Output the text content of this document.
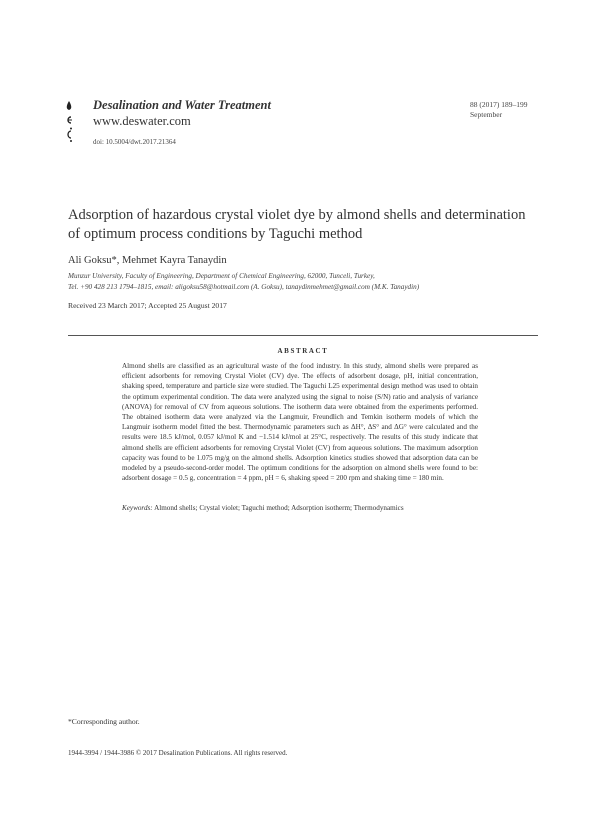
Desalination and Water Treatment
www.deswater.com
doi: 10.5004/dwt.2017.21364
88 (2017) 189–199
September
Adsorption of hazardous crystal violet dye by almond shells and determination of optimum process conditions by Taguchi method
Ali Goksu*, Mehmet Kayra Tanaydin
Munzur University, Faculty of Engineering, Department of Chemical Engineering, 62000, Tunceli, Turkey,
Tel. +90 428 213 1794–1815, email: aligoksu58@hotmail.com (A. Goksu), tanaydinmehmet@gmail.com (M.K. Tanaydin)
Received 23 March 2017; Accepted 25 August 2017
ABSTRACT
Almond shells are classified as an agricultural waste of the food industry. In this study, almond shells were prepared as efficient adsorbents for removing Crystal Violet (CV) dye. The effects of adsorbent dosage, pH, initial concentration, shaking speed, temperature and particle size were studied. The Taguchi L25 experimental design method was used to obtain the optimum experimental condition. The data were analyzed using the signal to noise (S/N) ratio and analysis of variance (ANOVA) for removal of CV from aqueous solutions. The isotherm data were obtained from the experiments performed. The obtained isotherm data were analyzed via the Langmuir, Freundlich and Temkin isotherm models of which the Langmuir isotherm model fitted the best. Thermodynamic parameters such as ΔH°, ΔS° and ΔG° were calculated and the results were 18.5 kJ/mol, 0.057 kJ/mol K and −1.514 kJ/mol at 25°C, respectively. The results of this study indicate that almond shells are efficient adsorbents for removing Crystal Violet (CV) from aqueous solutions. The maximum adsorption capacity was found to be 1.075 mg/g on the almond shells. Adsorption kinetics studies showed that adsorption data can be modeled by a pseudo-second-order model. The optimum conditions for the adsorption on almond shells were found to be: adsorbent dosage = 0.5 g, concentration = 4 ppm, pH = 6, shaking speed = 200 rpm and shaking time = 180 min.
Keywords: Almond shells; Crystal violet; Taguchi method; Adsorption isotherm; Thermodynamics
*Corresponding author.
1944-3994 / 1944-3986 © 2017 Desalination Publications. All rights reserved.
